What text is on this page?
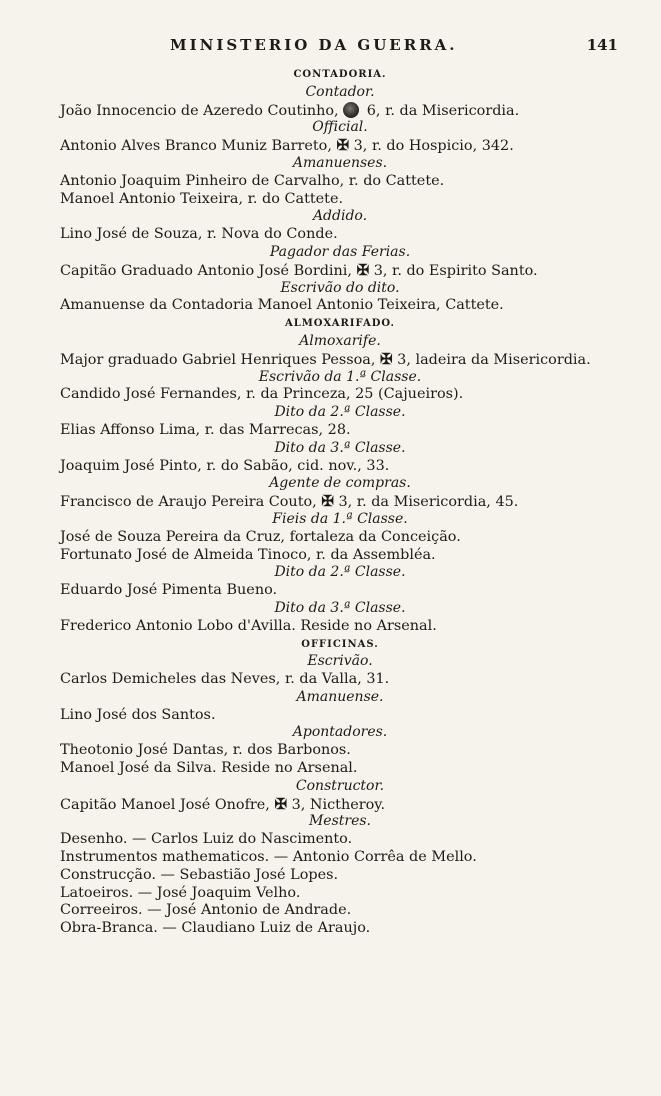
MINISTERIO DA GUERRA.	141
CONTADORIA.
Contador.
João Innocencio de Azeredo Coutinho,  6, r. da Misericordia.
Official.
Antonio Alves Branco Muniz Barreto, ✠ 3, r. do Hospicio, 342.
Amanuenses.
Antonio Joaquim Pinheiro de Carvalho, r. do Cattete.
Manoel Antonio Teixeira, r. do Cattete.
Addido.
Lino José de Souza, r. Nova do Conde.
Pagador das Ferias.
Capitão Graduado Antonio José Bordini, ✠ 3, r. do Espirito Santo.
Escrivão do dito.
Amanuense da Contadoria Manoel Antonio Teixeira, Cattete.
ALMOXARIFADO.
Almoxarife.
Major graduado Gabriel Henriques Pessoa, ✠ 3, ladeira da Misericordia.
Escrivão da 1.ª Classe.
Candido José Fernandes, r. da Princeza, 25 (Cajueiros).
Dito da 2.ª Classe.
Elias Affonso Lima, r. das Marrecas, 28.
Dito da 3.ª Classe.
Joaquim José Pinto, r. do Sabão, cid. nov., 33.
Agente de compras.
Francisco de Araujo Pereira Couto, ✠ 3, r. da Misericordia, 45.
Fieis da 1.ª Classe.
José de Souza Pereira da Cruz, fortaleza da Conceição.
Fortunato José de Almeida Tinoco, r. da Assembléa.
Dito da 2.ª Classe.
Eduardo José Pimenta Bueno.
Dito da 3.ª Classe.
Frederico Antonio Lobo d'Avilla. Reside no Arsenal.
OFFICINAS.
Escrivão.
Carlos Demicheles das Neves, r. da Valla, 31.
Amanuense.
Lino José dos Santos.
Apontadores.
Theotonio José Dantas, r. dos Barbonos.
Manoel José da Silva. Reside no Arsenal.
Constructor.
Capitão Manoel José Onofre, ✠ 3, Nictheroy.
Mestres.
Desenho. — Carlos Luiz do Nascimento.
Instrumentos mathematicos. — Antonio Corrêa de Mello.
Construcção. — Sebastião José Lopes.
Latoeiros. — José Joaquim Velho.
Correeiros. — José Antonio de Andrade.
Obra-Branca. — Claudiano Luiz de Araujo.
